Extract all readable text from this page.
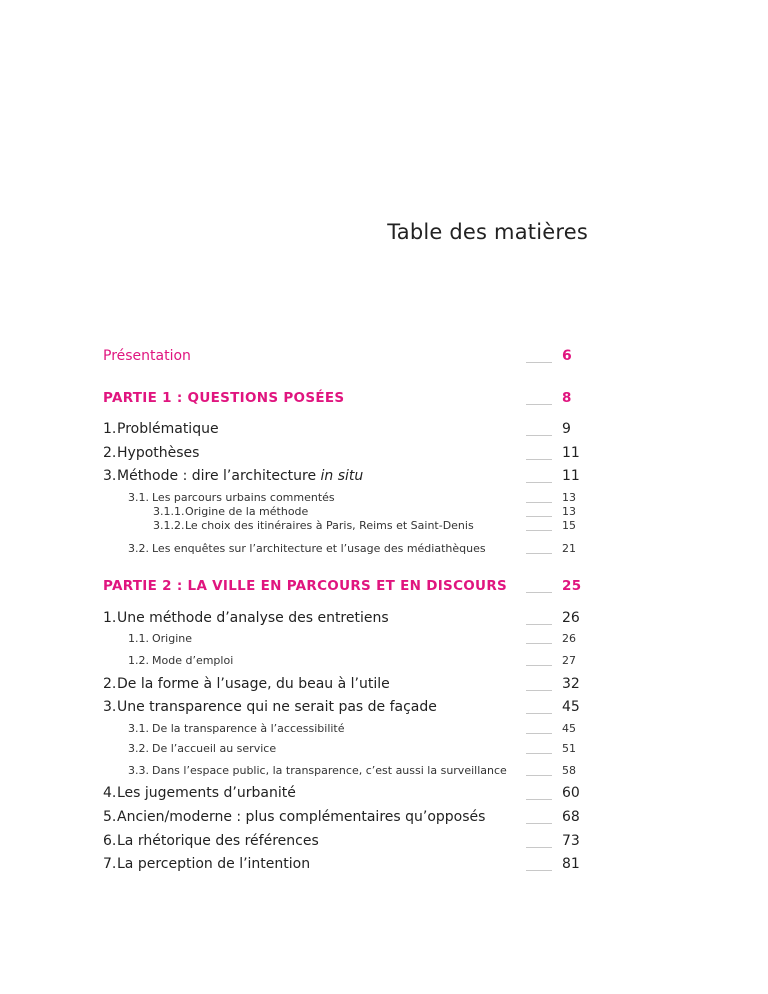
Table des matières
Présentation	6
PARTIE 1 : QUESTIONS POSÉES	8
1.Problématique	9
2.Hypothèses	11
3.Méthode : dire l’architecture in situ	11
3.1. Les parcours urbains commentés	13
3.1.1.Origine de la méthode	13
3.1.2.Le choix des itinéraires à Paris, Reims et Saint-Denis	15
3.2. Les enquêtes sur l’architecture et l’usage des médiathèques	21
PARTIE 2 : LA VILLE EN PARCOURS ET EN DISCOURS	25
1.Une méthode d’analyse des entretiens	26
1.1. Origine	26
1.2. Mode d’emploi	27
2.De la forme à l’usage, du beau à l’utile	32
3.Une transparence qui ne serait pas de façade	45
3.1. De la transparence à l’accessibilité	45
3.2. De l’accueil au service	51
3.3. Dans l’espace public, la transparence, c’est aussi la surveillance	58
4.Les jugements d’urbanité	60
5.Ancien/moderne : plus complémentaires qu’opposés	68
6.La rhétorique des références	73
7.La perception de l’intention	81
